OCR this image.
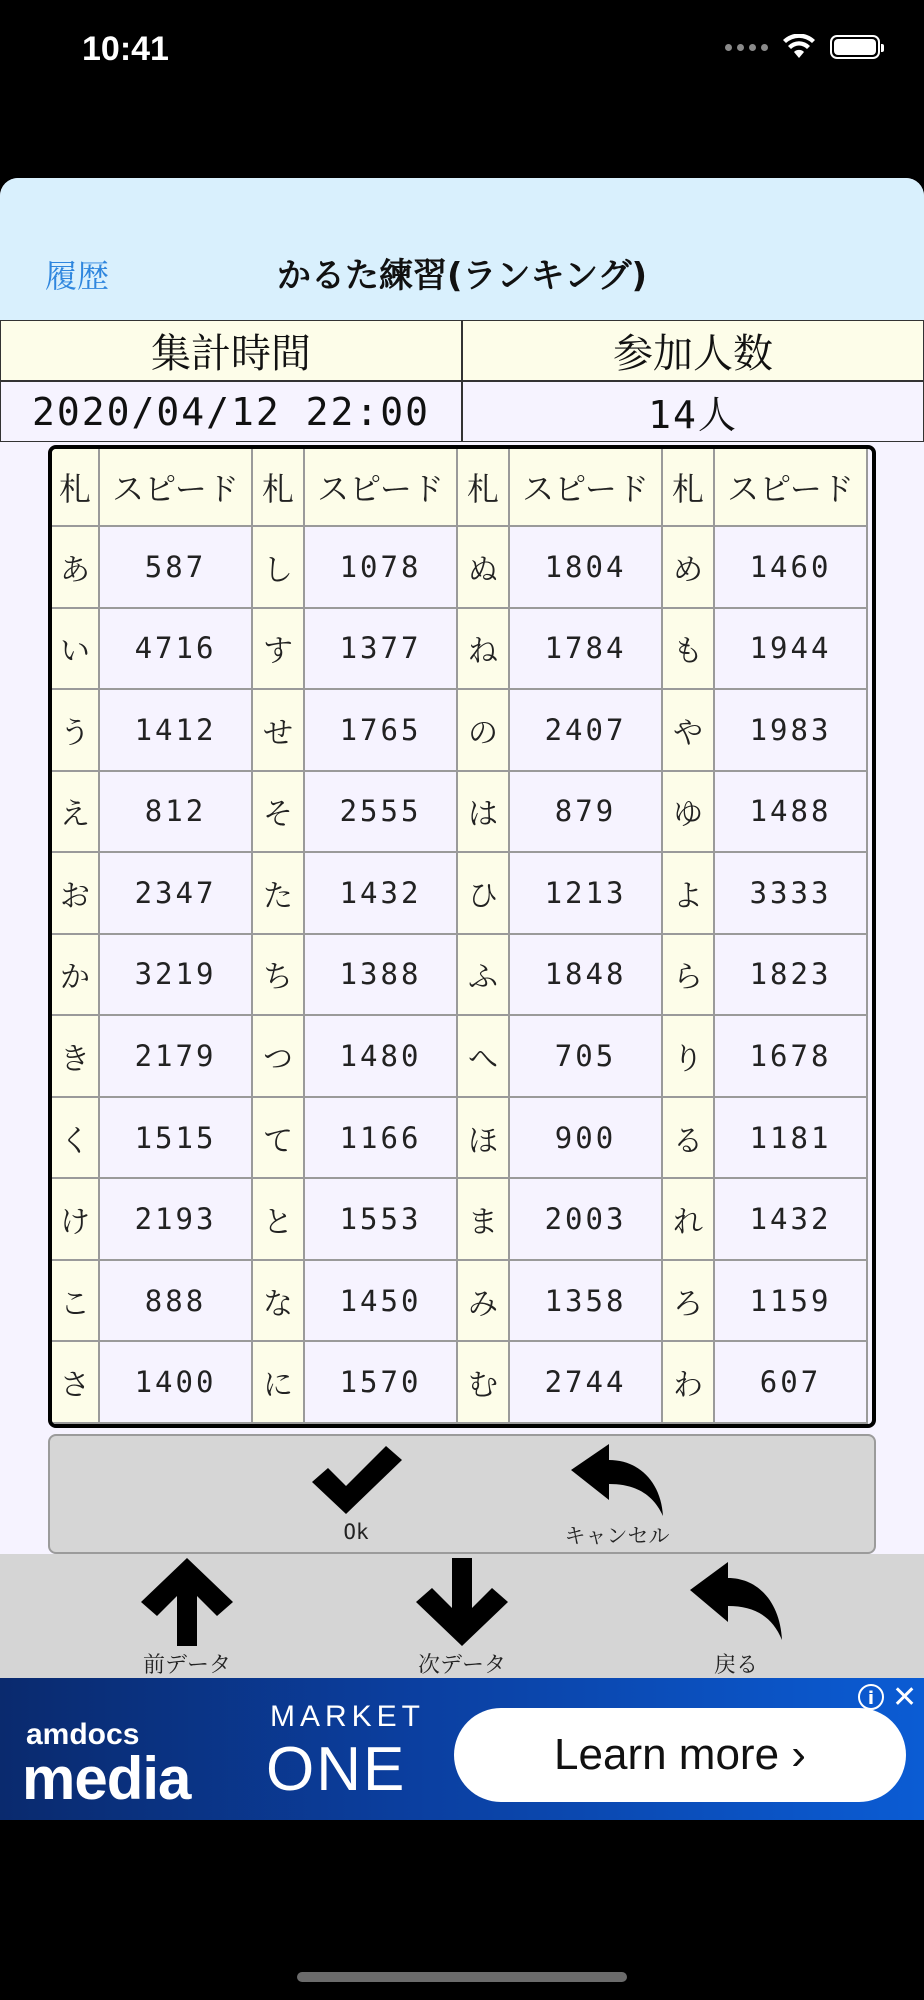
10:41
履歴	かるた練習(ランキング)
集計時間	参加人数
2020/04/12 22:00	14人
札 スピード 札 スピード 札 スピード 札 スピード
あ	587	し	1078	ぬ	1804	め	1460
い	4716	す	1377	ね	1784	も	1944
う	1412	せ	1765	の	2407	や	1983
え	812	そ	2555	は	879	ゆ	1488
お	2347	た	1432	ひ	1213	よ	3333
か	3219	ち	1388	ふ	1848	ら	1823
き	2179	つ	1480	へ	705	り	1678
く	1515	て	1166	ほ	900	る	1181
け	2193	と	1553	ま	2003	れ	1432
こ	888	な	1450	み	1358	ろ	1159
さ	1400	に	1570	む	2744	わ	607
Ok	キャンセル
前データ	次データ	戻る
amdocs
media
MARKET
ONE	Learn more ›
i ✕
